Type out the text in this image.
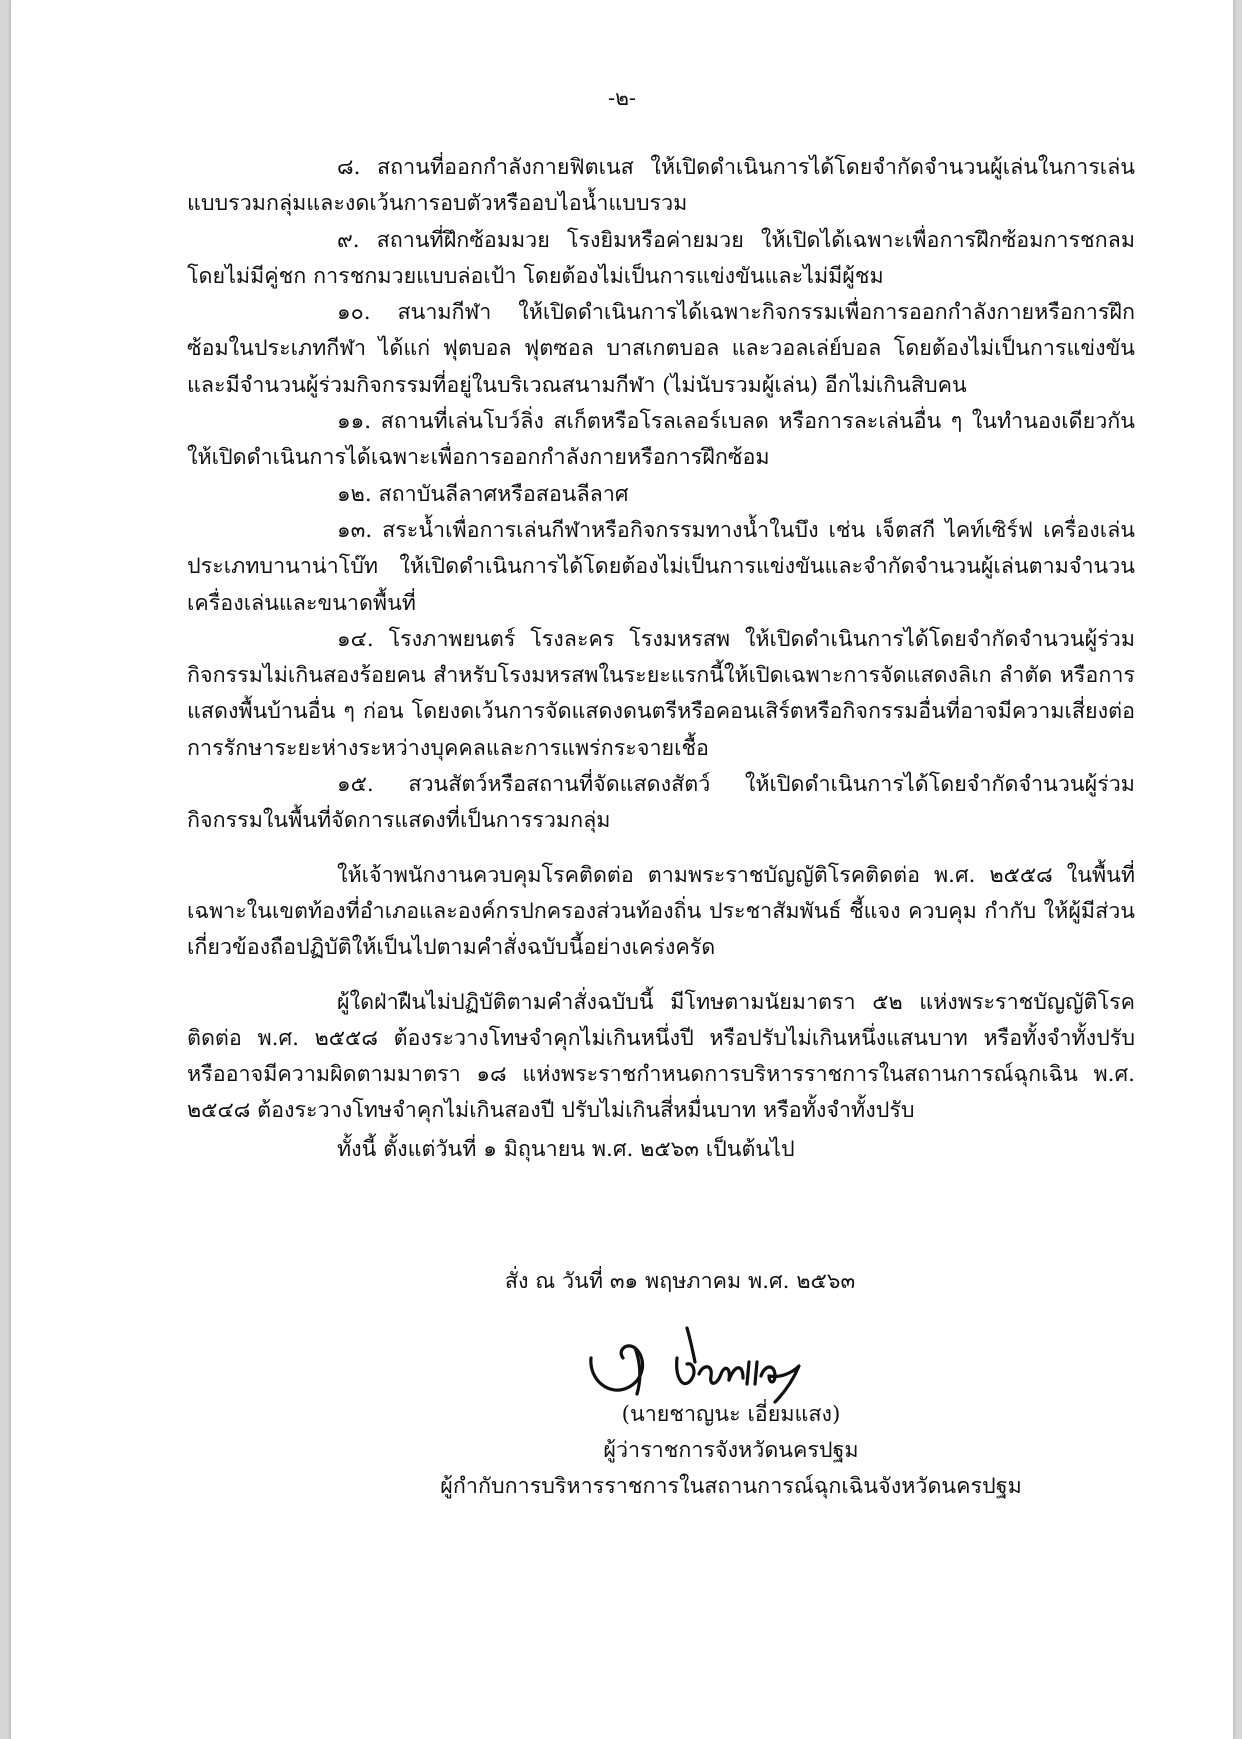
-๒-

๘. สถานที่ออกกำลังกายฟิตเนส ให้เปิดดำเนินการได้โดยจำกัดจำนวนผู้เล่นในการเล่นแบบรวมกลุ่มและงดเว้นการอบตัวหรืออบไอน้ำแบบรวม

๙. สถานที่ฝึกซ้อมมวย โรงยิมหรือค่ายมวย ให้เปิดได้เฉพาะเพื่อการฝึกซ้อมการชกลมโดยไม่มีคู่ชก การชกมวยแบบล่อเป้า โดยต้องไม่เป็นการแข่งขันและไม่มีผู้ชม

๑๐. สนามกีฬา ให้เปิดดำเนินการได้เฉพาะกิจกรรมเพื่อการออกกำลังกายหรือการฝึกซ้อมในประเภทกีฬา ได้แก่ ฟุตบอล ฟุตซอล บาสเกตบอล และวอลเล่ย์บอล โดยต้องไม่เป็นการแข่งขันและมีจำนวนผู้ร่วมกิจกรรมที่อยู่ในบริเวณสนามกีฬา (ไม่นับรวมผู้เล่น) อีกไม่เกินสิบคน

๑๑. สถานที่เล่นโบว์ลิ่ง สเก็ตหรือโรลเลอร์เบลด หรือการละเล่นอื่น ๆ ในทำนองเดียวกันให้เปิดดำเนินการได้เฉพาะเพื่อการออกกำลังกายหรือการฝึกซ้อม

๑๒. สถาบันลีลาศหรือสอนลีลาศ

๑๓. สระน้ำเพื่อการเล่นกีฬาหรือกิจกรรมทางน้ำในบึง เช่น เจ็ตสกี ไคท์เซิร์ฟ เครื่องเล่นประเภทบานาน่าโบ๊ท ให้เปิดดำเนินการได้โดยต้องไม่เป็นการแข่งขันและจำกัดจำนวนผู้เล่นตามจำนวนเครื่องเล่นและขนาดพื้นที่

๑๔. โรงภาพยนตร์ โรงละคร โรงมหรสพ ให้เปิดดำเนินการได้โดยจำกัดจำนวนผู้ร่วมกิจกรรมไม่เกินสองร้อยคน สำหรับโรงมหรสพในระยะแรกนี้ให้เปิดเฉพาะการจัดแสดงลิเก ลำตัด หรือการแสดงพื้นบ้านอื่น ๆ ก่อน โดยงดเว้นการจัดแสดงดนตรีหรือคอนเสิร์ตหรือกิจกรรมอื่นที่อาจมีความเสี่ยงต่อการรักษาระยะห่างระหว่างบุคคลและการแพร่กระจายเชื้อ

๑๕. สวนสัตว์หรือสถานที่จัดแสดงสัตว์ ให้เปิดดำเนินการได้โดยจำกัดจำนวนผู้ร่วมกิจกรรมในพื้นที่จัดการแสดงที่เป็นการรวมกลุ่ม

ให้เจ้าพนักงานควบคุมโรคติดต่อ ตามพระราชบัญญัติโรคติดต่อ พ.ศ. ๒๕๕๘ ในพื้นที่เฉพาะในเขตท้องที่อำเภอและองค์กรปกครองส่วนท้องถิ่น ประชาสัมพันธ์ ชี้แจง ควบคุม กำกับ ให้ผู้มีส่วนเกี่ยวข้องถือปฏิบัติให้เป็นไปตามคำสั่งฉบับนี้อย่างเคร่งครัด

ผู้ใดฝ่าฝืนไม่ปฏิบัติตามคำสั่งฉบับนี้ มีโทษตามนัยมาตรา ๕๒ แห่งพระราชบัญญัติโรคติดต่อ พ.ศ. ๒๕๕๘ ต้องระวางโทษจำคุกไม่เกินหนึ่งปี หรือปรับไม่เกินหนึ่งแสนบาท หรือทั้งจำทั้งปรับ หรืออาจมีความผิดตามมาตรา ๑๘ แห่งพระราชกำหนดการบริหารราชการในสถานการณ์ฉุกเฉิน พ.ศ. ๒๕๔๘ ต้องระวางโทษจำคุกไม่เกินสองปี ปรับไม่เกินสี่หมื่นบาท หรือทั้งจำทั้งปรับ

ทั้งนี้ ตั้งแต่วันที่ ๑ มิถุนายน พ.ศ. ๒๕๖๓ เป็นต้นไป

สั่ง ณ วันที่ ๓๑ พฤษภาคม พ.ศ. ๒๕๖๓
(นายชาญนะ เอี่ยมแสง)
ผู้ว่าราชการจังหวัดนครปฐม
ผู้กำกับการบริหารราชการในสถานการณ์ฉุกเฉินจังหวัดนครปฐม
